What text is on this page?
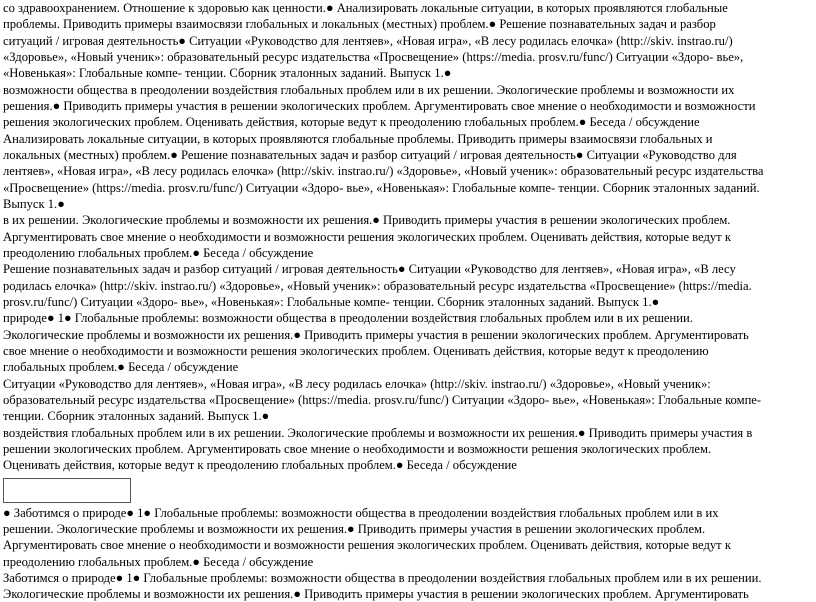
со здравоохранением. Отношение к здоровью как ценности.● Анализировать локальные ситуации, в которых проявляются глобальные
проблемы. Приводить примеры взаимосвязи глобальных и локальных (местных) проблем.● Решение познавательных задач и разбор
ситуаций / игровая деятельность● Ситуации «Руководство для лентяев», «Новая игра», «В лесу родилась елочка» (http://skiv. instrao.ru/)
«Здоровье», «Новый ученик»: образовательный ресурс издательства «Просвещение» (https://media. prosv.ru/func/) Ситуации «Здоро- вье»,
«Новенькая»: Глобальные компе- тенции. Сборник эталонных заданий. Выпуск 1.●
возможности общества в преодолении воздействия глобальных проблем или в их решении. Экологические проблемы и возможности их
решения.● Приводить примеры участия в решении экологических проблем. Аргументировать свое мнение о необходимости и возможности
решения экологических проблем. Оценивать действия, которые ведут к преодолению глобальных проблем.● Беседа / обсуждение
Анализировать локальные ситуации, в которых проявляются глобальные проблемы. Приводить примеры взаимосвязи глобальных и
локальных (местных) проблем.● Решение познавательных задач и разбор ситуаций / игровая деятельность● Ситуации «Руководство для
лентяев», «Новая игра», «В лесу родилась елочка» (http://skiv. instrao.ru/) «Здоровье», «Новый ученик»: образовательный ресурс издательства
«Просвещение» (https://media. prosv.ru/func/) Ситуации «Здоро- вье», «Новенькая»: Глобальные компе- тенции. Сборник эталонных заданий.
Выпуск 1.●
в их решении. Экологические проблемы и возможности их решения.● Приводить примеры участия в решении экологических проблем.
Аргументировать свое мнение о необходимости и возможности решения экологических проблем. Оценивать действия, которые ведут к
преодолению глобальных проблем.● Беседа / обсуждение
Решение познавательных задач и разбор ситуаций / игровая деятельность● Ситуации «Руководство для лентяев», «Новая игра», «В лесу
родилась елочка» (http://skiv. instrao.ru/) «Здоровье», «Новый ученик»: образовательный ресурс издательства «Просвещение» (https://media.
prosv.ru/func/) Ситуации «Здоро- вье», «Новенькая»: Глобальные компе- тенции. Сборник эталонных заданий. Выпуск 1.●
природе● 1● Глобальные проблемы: возможности общества в преодолении воздействия глобальных проблем или в их решении.
Экологические проблемы и возможности их решения.● Приводить примеры участия в решении экологических проблем. Аргументировать
свое мнение о необходимости и возможности решения экологических проблем. Оценивать действия, которые ведут к преодолению
глобальных проблем.● Беседа / обсуждение
Ситуации «Руководство для лентяев», «Новая игра», «В лесу родилась елочка» (http://skiv. instrao.ru/) «Здоровье», «Новый ученик»:
образовательный ресурс издательства «Просвещение» (https://media. prosv.ru/func/) Ситуации «Здоро- вье», «Новенькая»: Глобальные компе-
тенции. Сборник эталонных заданий. Выпуск 1.●
воздействия глобальных проблем или в их решении. Экологические проблемы и возможности их решения.● Приводить примеры участия в
решении экологических проблем. Аргументировать свое мнение о необходимости и возможности решения экологических проблем.
Оценивать действия, которые ведут к преодолению глобальных проблем.● Беседа / обсуждение
● Заботимся о природе● 1● Глобальные проблемы: возможности общества в преодолении воздействия глобальных проблем или в их
решении. Экологические проблемы и возможности их решения.● Приводить примеры участия в решении экологических проблем.
Аргументировать свое мнение о необходимости и возможности решения экологических проблем. Оценивать действия, которые ведут к
преодолению глобальных проблем.● Беседа / обсуждение
Заботимся о природе● 1● Глобальные проблемы: возможности общества в преодолении воздействия глобальных проблем или в их решении.
Экологические проблемы и возможности их решения.● Приводить примеры участия в решении экологических проблем. Аргументировать
